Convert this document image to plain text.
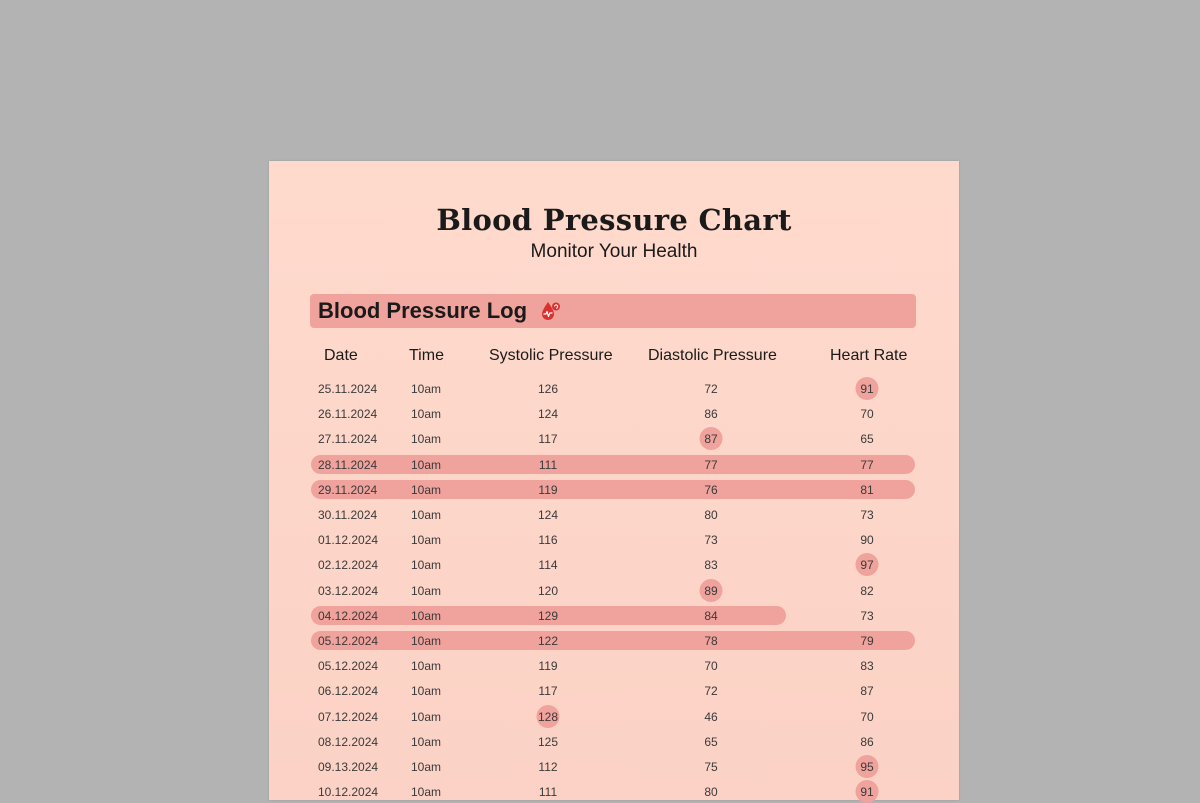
Blood Pressure Chart
Monitor Your Health
Blood Pressure Log
Date	Time	Systolic Pressure Diastolic Pressure	Heart Rate
25.11.2024	10am	126	72	91
26.11.2024	10am	124	86	70
27.11.2024	10am	117	87	65
28.11.2024	10am	111	77	77
29.11.2024	10am	119	76	81
30.11.2024	10am	124	80	73
01.12.2024	10am	116	73	90
02.12.2024	10am	114	83	97
03.12.2024	10am	120	89	82
04.12.2024	10am	129	84	73
05.12.2024	10am	122	78	79
05.12.2024	10am	119	70	83
06.12.2024	10am	117	72	87
07.12.2024	10am	128	46	70
08.12.2024	10am	125	65	86
09.13.2024	10am	112	75	95
10.12.2024	10am	111	80	91
